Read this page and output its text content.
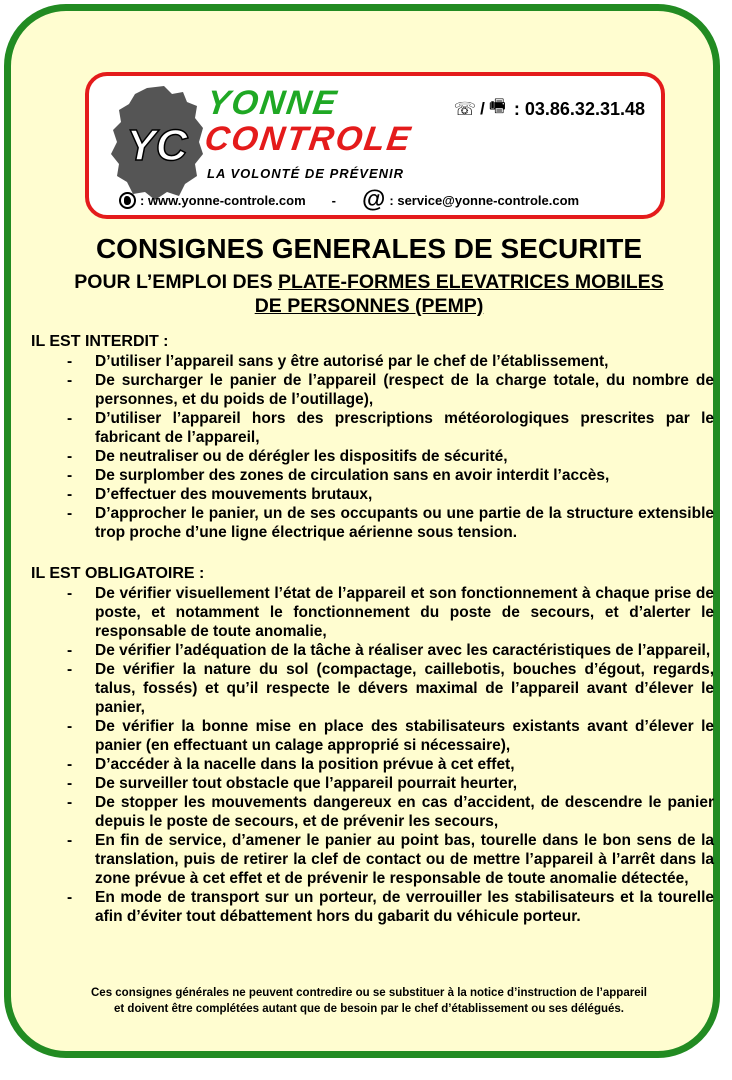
YC
YONNE
CONTROLE
LA VOLONTÉ DE PRÉVENIR
☏ / 🖷 : 03.86.32.31.48
: www.yonne-controle.com - @ : service@yonne-controle.com
CONSIGNES GENERALES DE SECURITE
POUR L’EMPLOI DES PLATE-FORMES ELEVATRICES MOBILES
DE PERSONNES (PEMP)
IL EST INTERDIT :
- D’utiliser l’appareil sans y être autorisé par le chef de l’établissement,
- De surcharger le panier de l’appareil (respect de la charge totale, du nombre de personnes, et du poids de l’outillage),
- D’utiliser l’appareil hors des prescriptions météorologiques prescrites par le fabricant de l’appareil,
- De neutraliser ou de dérégler les dispositifs de sécurité,
- De surplomber des zones de circulation sans en avoir interdit l’accès,
- D’effectuer des mouvements brutaux,
- D’approcher le panier, un de ses occupants ou une partie de la structure extensible trop proche d’une ligne électrique aérienne sous tension.
IL EST OBLIGATOIRE :
- De vérifier visuellement l’état de l’appareil et son fonctionnement à chaque prise de poste, et notamment le fonctionnement du poste de secours, et d’alerter le responsable de toute anomalie,
- De vérifier l’adéquation de la tâche à réaliser avec les caractéristiques de l’appareil,
- De vérifier la nature du sol (compactage, caillebotis, bouches d’égout, regards, talus, fossés) et qu’il respecte le dévers maximal de l’appareil avant d’élever le panier,
- De vérifier la bonne mise en place des stabilisateurs existants avant d’élever le panier (en effectuant un calage approprié si nécessaire),
- D’accéder à la nacelle dans la position prévue à cet effet,
- De surveiller tout obstacle que l’appareil pourrait heurter,
- De stopper les mouvements dangereux en cas d’accident, de descendre le panier depuis le poste de secours, et de prévenir les secours,
- En fin de service, d’amener le panier au point bas, tourelle dans le bon sens de la translation, puis de retirer la clef de contact ou de mettre l’appareil à l’arrêt dans la zone prévue à cet effet et de prévenir le responsable de toute anomalie détectée,
- En mode de transport sur un porteur, de verrouiller les stabilisateurs et la tourelle afin d’éviter tout débattement hors du gabarit du véhicule porteur.
Ces consignes générales ne peuvent contredire ou se substituer à la notice d’instruction de l’appareil
et doivent être complétées autant que de besoin par le chef d’établissement ou ses délégués.
